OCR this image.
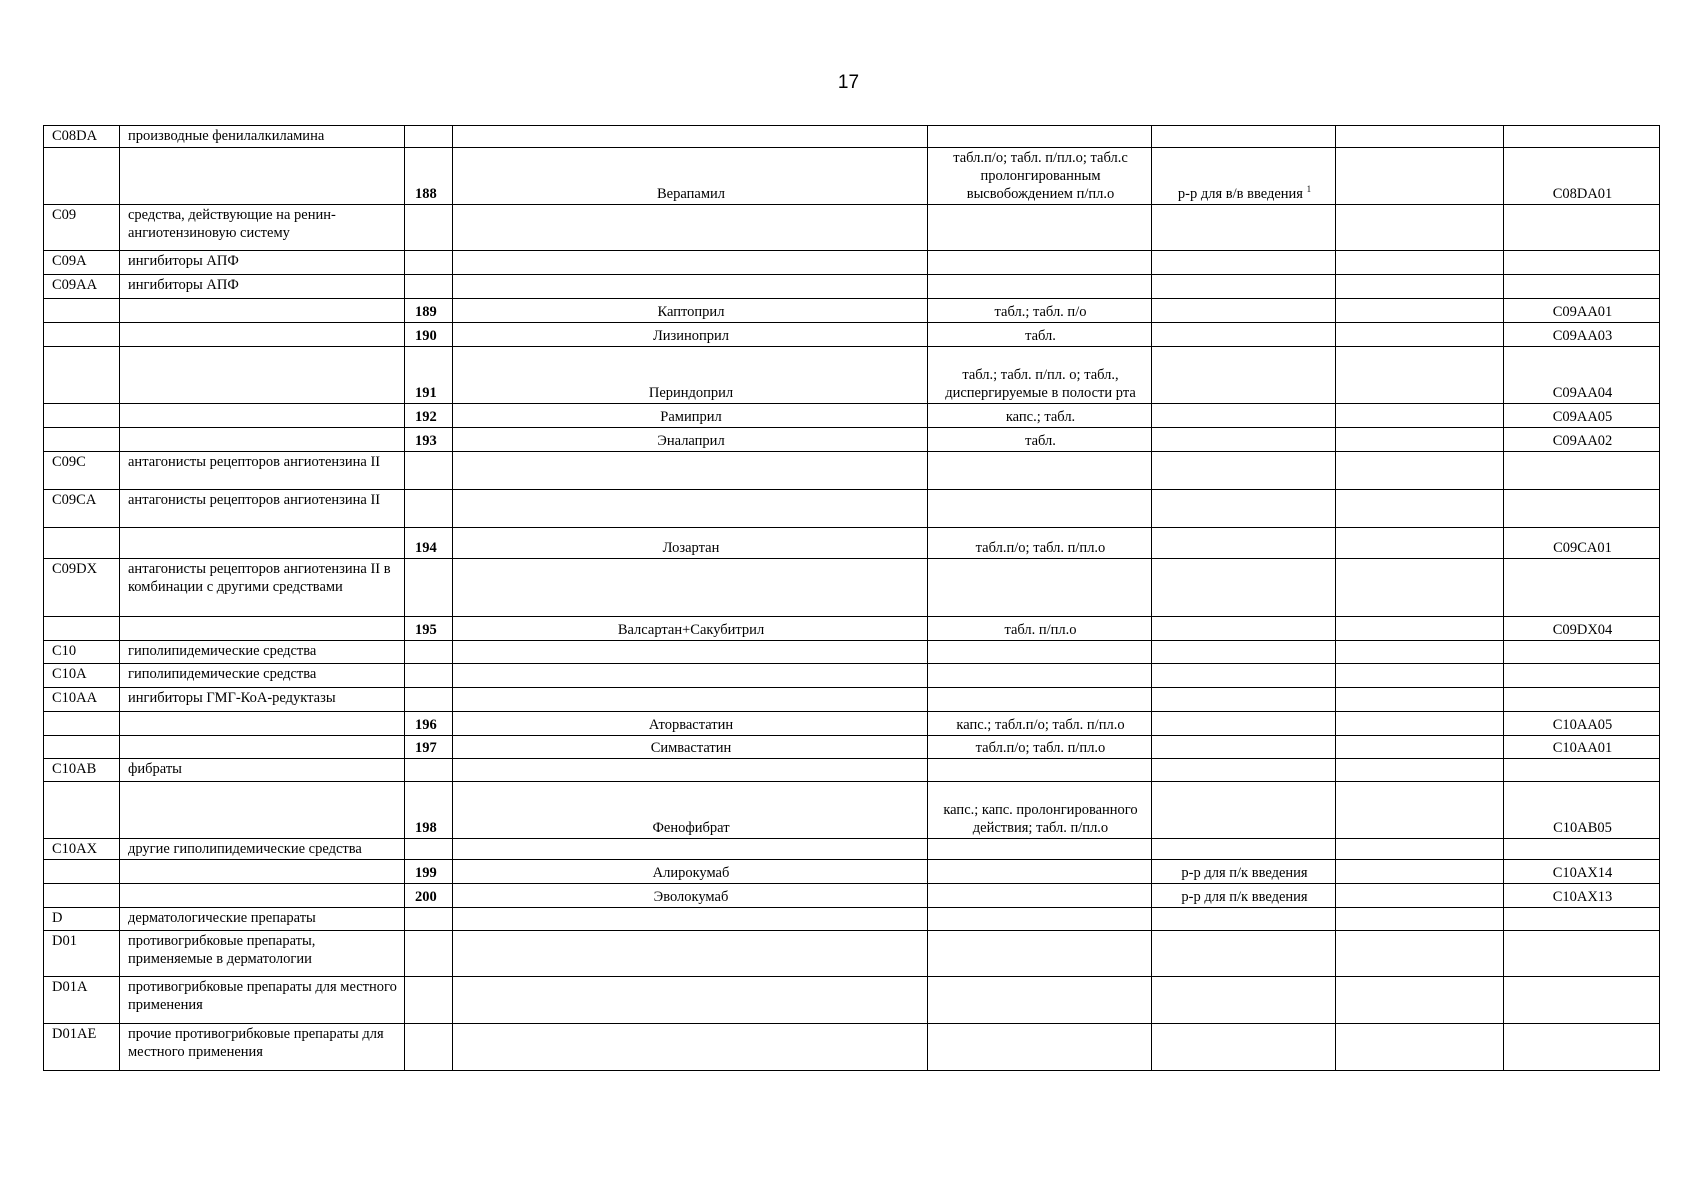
17
C08DA	производные фенилалкиламина						
		188	Верапамил	табл.п/о; табл. п/пл.о; табл.с пролонгированным высвобождением п/пл.о	р-р для в/в введения $^1$		C08DA01
C09	средства, действующие на ренин-ангиотензиновую систему						
C09A	ингибиторы АПФ						
C09AA	ингибиторы АПФ						
		189	Каптоприл	табл.; табл. п/о			C09AA01
		190	Лизиноприл	табл.			C09AA03
		191	Периндоприл	табл.; табл. п/пл. о; табл., диспергируемые в полости рта			C09AA04
		192	Рамиприл	капс.; табл.			C09AA05
		193	Эналаприл	табл.			C09AA02
C09C	антагонисты рецепторов ангиотензина II						
C09CA	антагонисты рецепторов ангиотензина II						
		194	Лозартан	табл.п/о; табл. п/пл.о			C09CA01
C09DX	антагонисты рецепторов ангиотензина II в комбинации с другими средствами						
		195	Валсартан+Сакубитрил	табл. п/пл.о			C09DX04
C10	гиполипидемические средства						
C10A	гиполипидемические средства						
C10AA	ингибиторы ГМГ-КоА-редуктазы						
		196	Аторвастатин	капс.; табл.п/о; табл. п/пл.о			C10AA05
		197	Симвастатин	табл.п/о; табл. п/пл.о			C10AA01
C10AB	фибраты						
		198	Фенофибрат	капс.; капс. пролонгированного действия; табл. п/пл.о			C10AB05
C10AX	другие гиполипидемические средства						
		199	Алирокумаб		р-р для п/к введения		C10AX14
		200	Эволокумаб		р-р для п/к введения		C10AX13
D	дерматологические препараты						
D01	противогрибковые препараты, применяемые в дерматологии						
D01A	противогрибковые препараты для местного применения						
D01AE	прочие противогрибковые препараты для местного применения						
